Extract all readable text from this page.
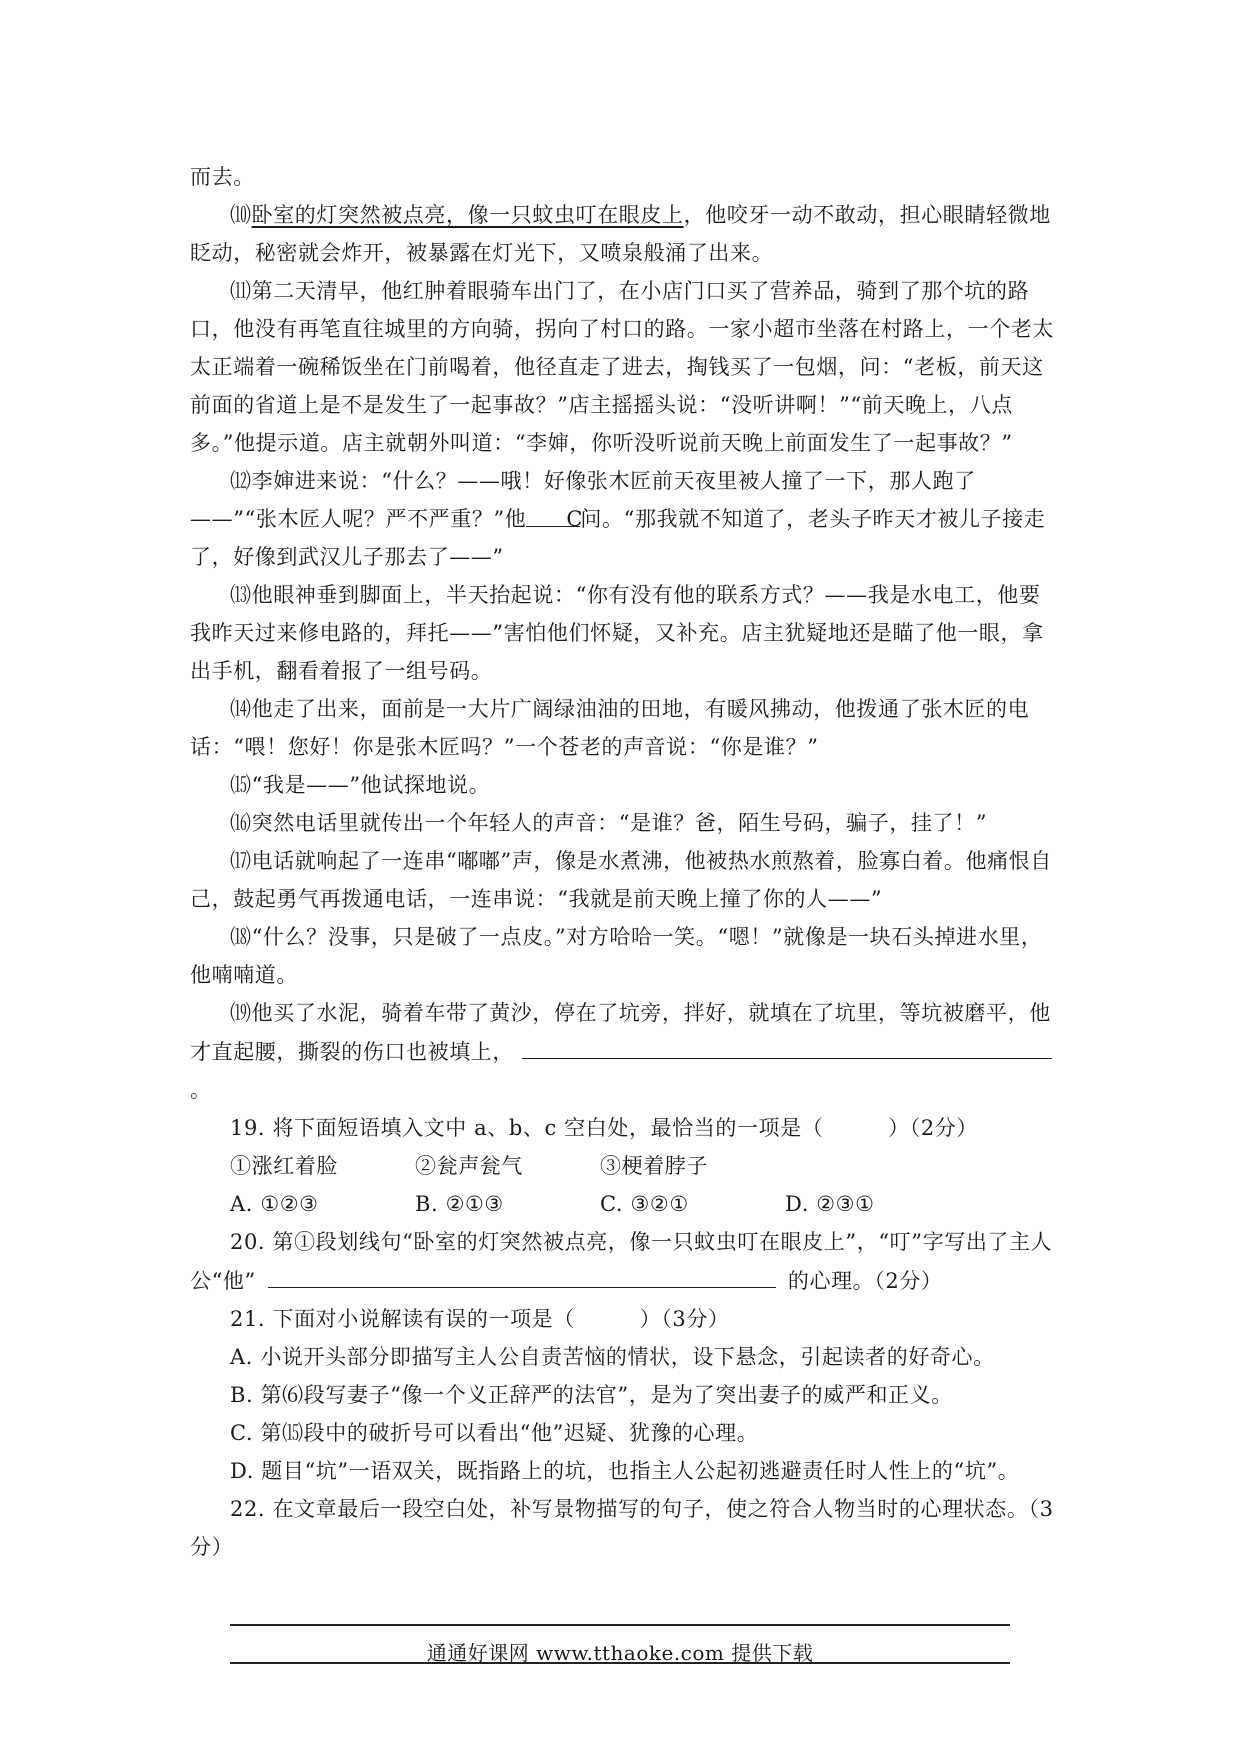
而去。

⑽卧室的灯突然被点亮，像一只蚊虫叮在眼皮上，他咬牙一动不敢动，担心眼睛轻微地眨动，秘密就会炸开，被暴露在灯光下，又喷泉般涌了出来。

⑾第二天清早，他红肿着眼骑车出门了，在小店门口买了营养品，骑到了那个坑的路口，他没有再笔直往城里的方向骑，拐向了村口的路。一家小超市坐落在村路上，一个老太太正端着一碗稀饭坐在门前喝着，他径直走了进去，掏钱买了一包烟，问：“老板，前天这前面的省道上是不是发生了一起事故？”店主摇摇头说：“没听讲啊！”“前天晚上，八点多。”他提示道。店主就朝外叫道：“李婶，你听没听说前天晚上前面发生了一起事故？”

⑿李婶进来说：“什么？——哦！好像张木匠前天夜里被人撞了一下，那人跑了——”“张木匠人呢？严不严重？”他 C问。“那我就不知道了，老头子昨天才被儿子接走了，好像到武汉儿子那去了——”

⒀他眼神垂到脚面上，半天抬起说：“你有没有他的联系方式？——我是水电工，他要我昨天过来修电路的，拜托——”害怕他们怀疑，又补充。店主犹疑地还是瞄了他一眼，拿出手机，翻看着报了一组号码。

⒁他走了出来，面前是一大片广阔绿油油的田地，有暖风拂动，他拨通了张木匠的电话：“喂！您好！你是张木匠吗？”一个苍老的声音说：“你是谁？”

⒂“我是——”他试探地说。

⒃突然电话里就传出一个年轻人的声音：“是谁？爸，陌生号码，骗子，挂了！”

⒄电话就响起了一连串“嘟嘟”声，像是水煮沸，他被热水煎熬着，脸寡白着。他痛恨自己，鼓起勇气再拨通电话，一连串说：“我就是前天晚上撞了你的人——”

⒅“什么？没事，只是破了一点皮。”对方哈哈一笑。“嗯！”就像是一块石头掉进水里，他喃喃道。

⒆他买了水泥，骑着车带了黄沙，停在了坑旁，拌好，就填在了坑里，等坑被磨平，他才直起腰，撕裂的伤口也被填上，。

19. 将下面短语填入文中 a、b、c 空白处，最恰当的一项是（　　　）（2分）

①涨红着脸	②瓮声瓮气	③梗着脖子
A. ①②③	B. ②①③	C. ③②①	D. ②③①

20. 第①段划线句“卧室的灯突然被点亮，像一只蚊虫叮在眼皮上”，“叮”字写出了主人公“他”	的心理。（2分）

21. 下面对小说解读有误的一项是（　　　）（3分）

A. 小说开头部分即描写主人公自责苦恼的情状，设下悬念，引起读者的好奇心。

B. 第⑹段写妻子“像一个义正辞严的法官”，是为了突出妻子的威严和正义。

C. 第⒂段中的破折号可以看出“他”迟疑、犹豫的心理。

D. 题目“坑”一语双关，既指路上的坑，也指主人公起初逃避责任时人性上的“坑”。

22. 在文章最后一段空白处，补写景物描写的句子，使之符合人物当时的心理状态。（3分）

通通好课网 www.tthaoke.com 提供下载
